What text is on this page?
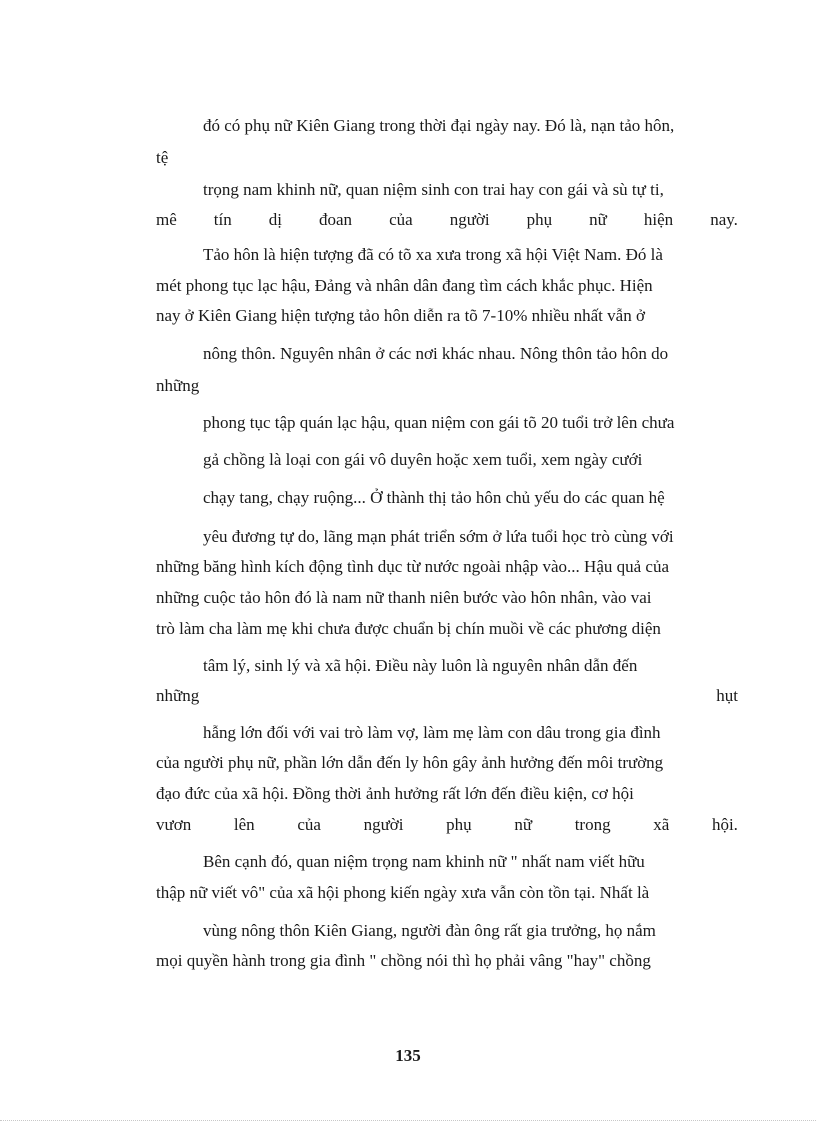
đó có phụ nữ Kiên Giang trong thời đại ngày nay. Đó là, nạn tảo hôn,
tệ
trọng nam khinh nữ, quan niệm sinh con trai hay con gái và sù tự ti,
mê tín dị đoan của người phụ nữ hiện nay.
Tảo hôn là hiện tượng đã có tõ xa xưa trong xã hội Việt Nam. Đó là
mét phong tục lạc hậu, Đảng và nhân dân đang tìm cách khắc phục. Hiện
nay ở Kiên Giang hiện tượng tảo hôn diễn ra tõ 7-10% nhiều nhất vẫn ở
nông thôn. Nguyên nhân ở các nơi khác nhau. Nông thôn tảo hôn do
những
phong tục tập quán lạc hậu, quan niệm con gái tõ 20 tuổi trở lên chưa
gả chồng là loại con gái vô duyên hoặc xem tuổi, xem ngày cưới
chạy tang, chạy ruộng... Ở thành thị tảo hôn chủ yếu do các quan hệ
yêu đương tự do, lãng mạn phát triển sớm ở lứa tuổi học trò cùng với
những băng hình kích động tình dục từ nước ngoài nhập vào... Hậu quả của
những cuộc tảo hôn đó là nam nữ thanh niên bước vào hôn nhân, vào vai
trò làm cha làm mẹ khi chưa được chuẩn bị chín muồi về các phương diện
tâm lý, sinh lý và xã hội. Điều này luôn là nguyên nhân dẫn đến
những	hụt
hẫng lớn đối với vai trò làm vợ, làm mẹ làm con dâu trong gia đình
của người phụ nữ, phần lớn dẫn đến ly hôn gây ảnh hưởng đến môi trường
đạo đức của xã hội. Đồng thời ảnh hưởng rất lớn đến điều kiện, cơ hội
vươn	lên	của	người	phụ	nữ	trong	xã	hội.
Bên cạnh đó, quan niệm trọng nam khinh nữ " nhất nam viết hữu
thập nữ viết vô" của xã hội phong kiến ngày xưa vẫn còn tồn tại. Nhất là
vùng nông thôn Kiên Giang, người đàn ông rất gia trưởng, họ nắm
mọi quyền hành trong gia đình " chồng nói thì họ phải vâng "hay" chồng
135
